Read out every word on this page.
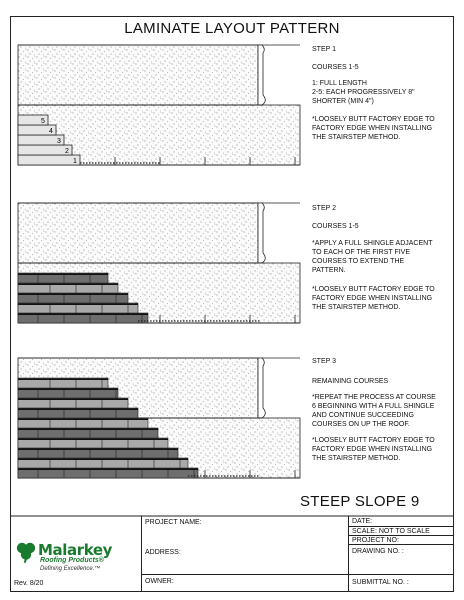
LAMINATE LAYOUT PATTERN
1
2
3
4
5
STEP 1
COURSES 1-5
1: FULL LENGTH
2-5: EACH PROGRESSIVELY 8"
SHORTER (MIN 4")
*LOOSELY BUTT FACTORY EDGE TO
FACTORY EDGE WHEN INSTALLING
THE STAIRSTEP METHOD.
STEP 2
COURSES 1-5
*APPLY A FULL SHINGLE ADJACENT
TO EACH OF THE FIRST FIVE
COURSES TO EXTEND THE
PATTERN.
*LOOSELY BUTT FACTORY EDGE TO
FACTORY EDGE WHEN INSTALLING
THE STAIRSTEP METHOD.
STEP 3
REMAINING COURSES
*REPEAT THE PROCESS AT COURSE
6 BEGINNING WITH A FULL SHINGLE
AND CONTINUE SUCCEEDING
COURSES ON UP THE ROOF.
*LOOSELY BUTT FACTORY EDGE TO
FACTORY EDGE WHEN INSTALLING
THE STAIRSTEP METHOD.
STEEP SLOPE 9
PROJECT NAME:
ADDRESS:
OWNER:
DATE:
SCALE: NOT TO SCALE
PROJECT NO:
DRAWING NO. :
SUBMITTAL NO. :
Rev. 8/20
Malarkey
Roofing Products®
Defining Excellence.™
